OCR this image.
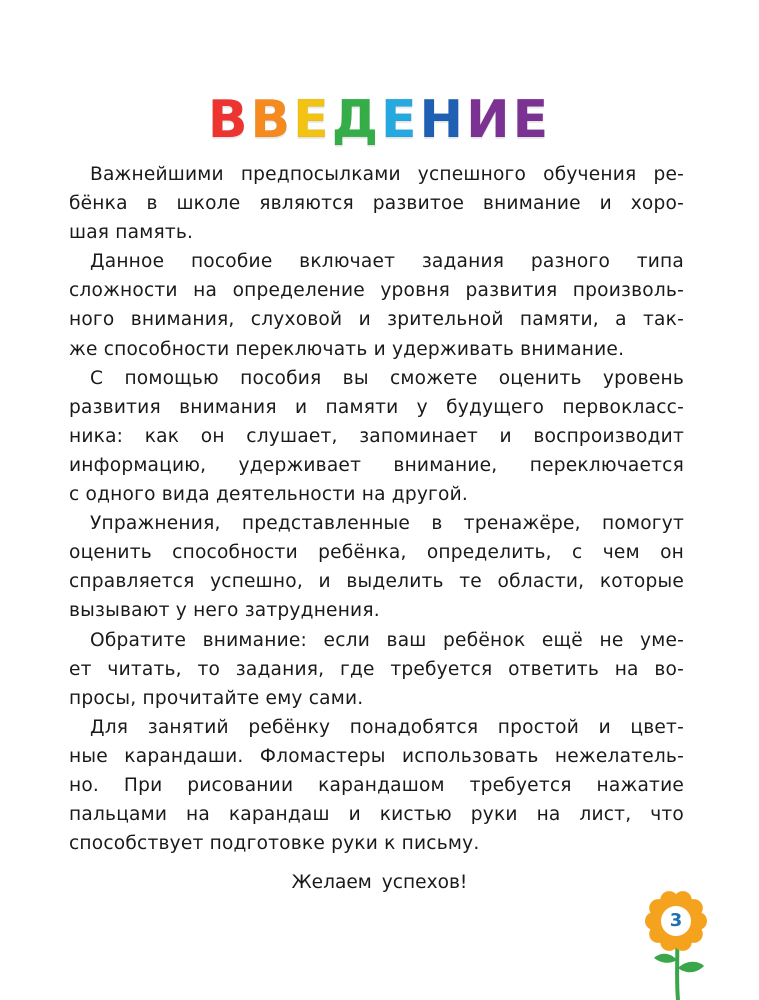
ВВЕДЕНИЕ

Важнейшими предпосылками успешного обучения ре-

бёнка в школе являются развитое внимание и хоро-

шая память.

Данное пособие включает задания разного типа

сложности на определение уровня развития произволь-

ного внимания, слуховой и зрительной памяти, а так-

же способности переключать и удерживать внимание.

С помощью пособия вы сможете оценить уровень

развития внимания и памяти у будущего первокласс-

ника: как он слушает, запоминает и воспроизводит

информацию, удерживает внимание, переключается

с одного вида деятельности на другой.

Упражнения, представленные в тренажёре, помогут

оценить способности ребёнка, определить, с чем он

справляется успешно, и выделить те области, которые

вызывают у него затруднения.

Обратите внимание: если ваш ребёнок ещё не уме-

ет читать, то задания, где требуется ответить на во-

просы, прочитайте ему сами.

Для занятий ребёнку понадобятся простой и цвет-

ные карандаши. Фломастеры использовать нежелатель-

но. При рисовании карандашом требуется нажатие

пальцами на карандаш и кистью руки на лист, что

способствует подготовке руки к письму.

Желаем успехов!
3
